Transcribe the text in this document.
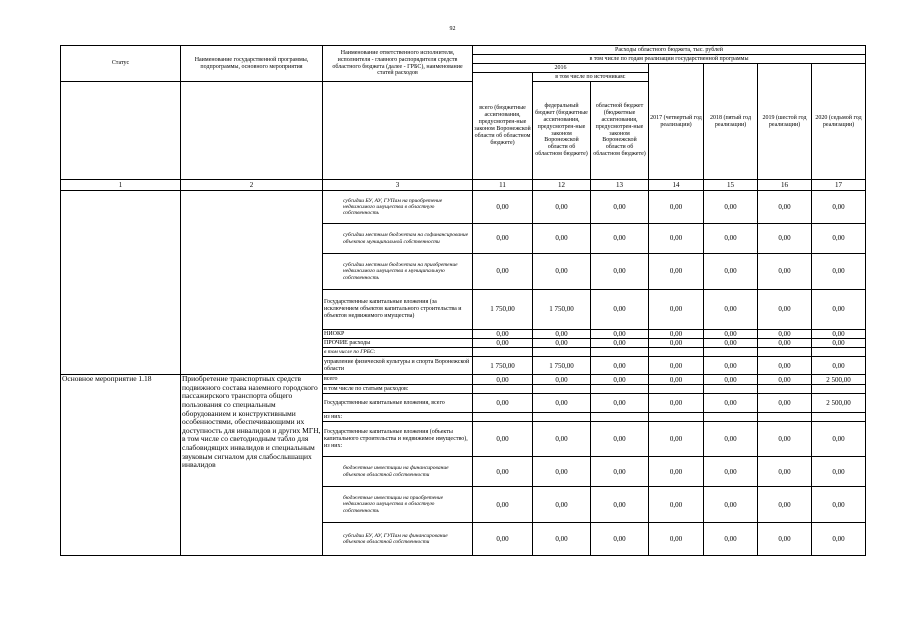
92
Статус	Наименование государственной программы, подпрограммы, основного мероприятия	Наименование ответственного исполнителя, исполнителя - главного распорядителя средств областного бюджета (далее - ГРБС), наименование статей расходов	Расходы областного бюджета, тыс. рублей						
			в том числе по годам реализации государственной программы						
			2016			2017 (четвертый год реализации)	2018 (пятый год реализации)	2019 (шестой год реализации)	2020 (седьмой год реализации)
			всего (бюджетные ассигнования, предусмотрен-ные законом Воронежской области об областном бюджете)	в том числе по источникам:					
				федеральный бюджет (бюджетные ассигнования, предусмотрен-ные законом Воронежской области об областном бюджете)	областной бюджет (бюджетные ассигнования, предусмотрен-ные законом Воронежской области об областном бюджете)				
1	2	3	11	12	13	14	15	16	17
		субсидии БУ, АУ, ГУПам на приобретение недвижимого имущества в областную собственность	0,00	0,00	0,00	0,00	0,00	0,00	0,00
		субсидии местным бюджетам на софинансирование объектов муниципальной собственности	0,00	0,00	0,00	0,00	0,00	0,00	0,00
		субсидии местным бюджетам на приобретение недвижимого имущества в муниципальную собственность	0,00	0,00	0,00	0,00	0,00	0,00	0,00
		Государственные капитальные вложения (за исключением объектов капитального строительства и объектов недвижимого имущества)	1 750,00	1 750,00	0,00	0,00	0,00	0,00	0,00
		НИОКР	0,00	0,00	0,00	0,00	0,00	0,00	0,00
		ПРОЧИЕ расходы	0,00	0,00	0,00	0,00	0,00	0,00	0,00
		в том числе по ГРБС:							
		управление физической культуры и спорта Воронежской области	1 750,00	1 750,00	0,00	0,00	0,00	0,00	0,00
Основное мероприятие 1.18	Приобретение транспортных средств подвижного состава наземного городского пассажирского транспорта общего пользования со специальным оборудованием и конструктивными особенностями, обеспечивающими их доступность для инвалидов и других МГН, в том числе со светодиодным табло для слабовидящих инвалидов и специальным звуковым сигналом для слабослышащих инвалидов	всего	0,00	0,00	0,00	0,00	0,00	0,00	2 500,00
		в том числе по статьям расходов:							
		Государственные капитальные вложения, всего	0,00	0,00	0,00	0,00	0,00	0,00	2 500,00
		из них:							
		Государственные капитальные вложения (объекты капитального строительства и недвижимое имущество), из них:	0,00	0,00	0,00	0,00	0,00	0,00	0,00
		бюджетные инвестиции на финансирование объектов областной собственности	0,00	0,00	0,00	0,00	0,00	0,00	0,00
		бюджетные инвестиции на приобретение недвижимого имущества в областную собственность	0,00	0,00	0,00	0,00	0,00	0,00	0,00
		субсидии БУ, АУ, ГУПам на финансирование объектов областной собственности	0,00	0,00	0,00	0,00	0,00	0,00	0,00
